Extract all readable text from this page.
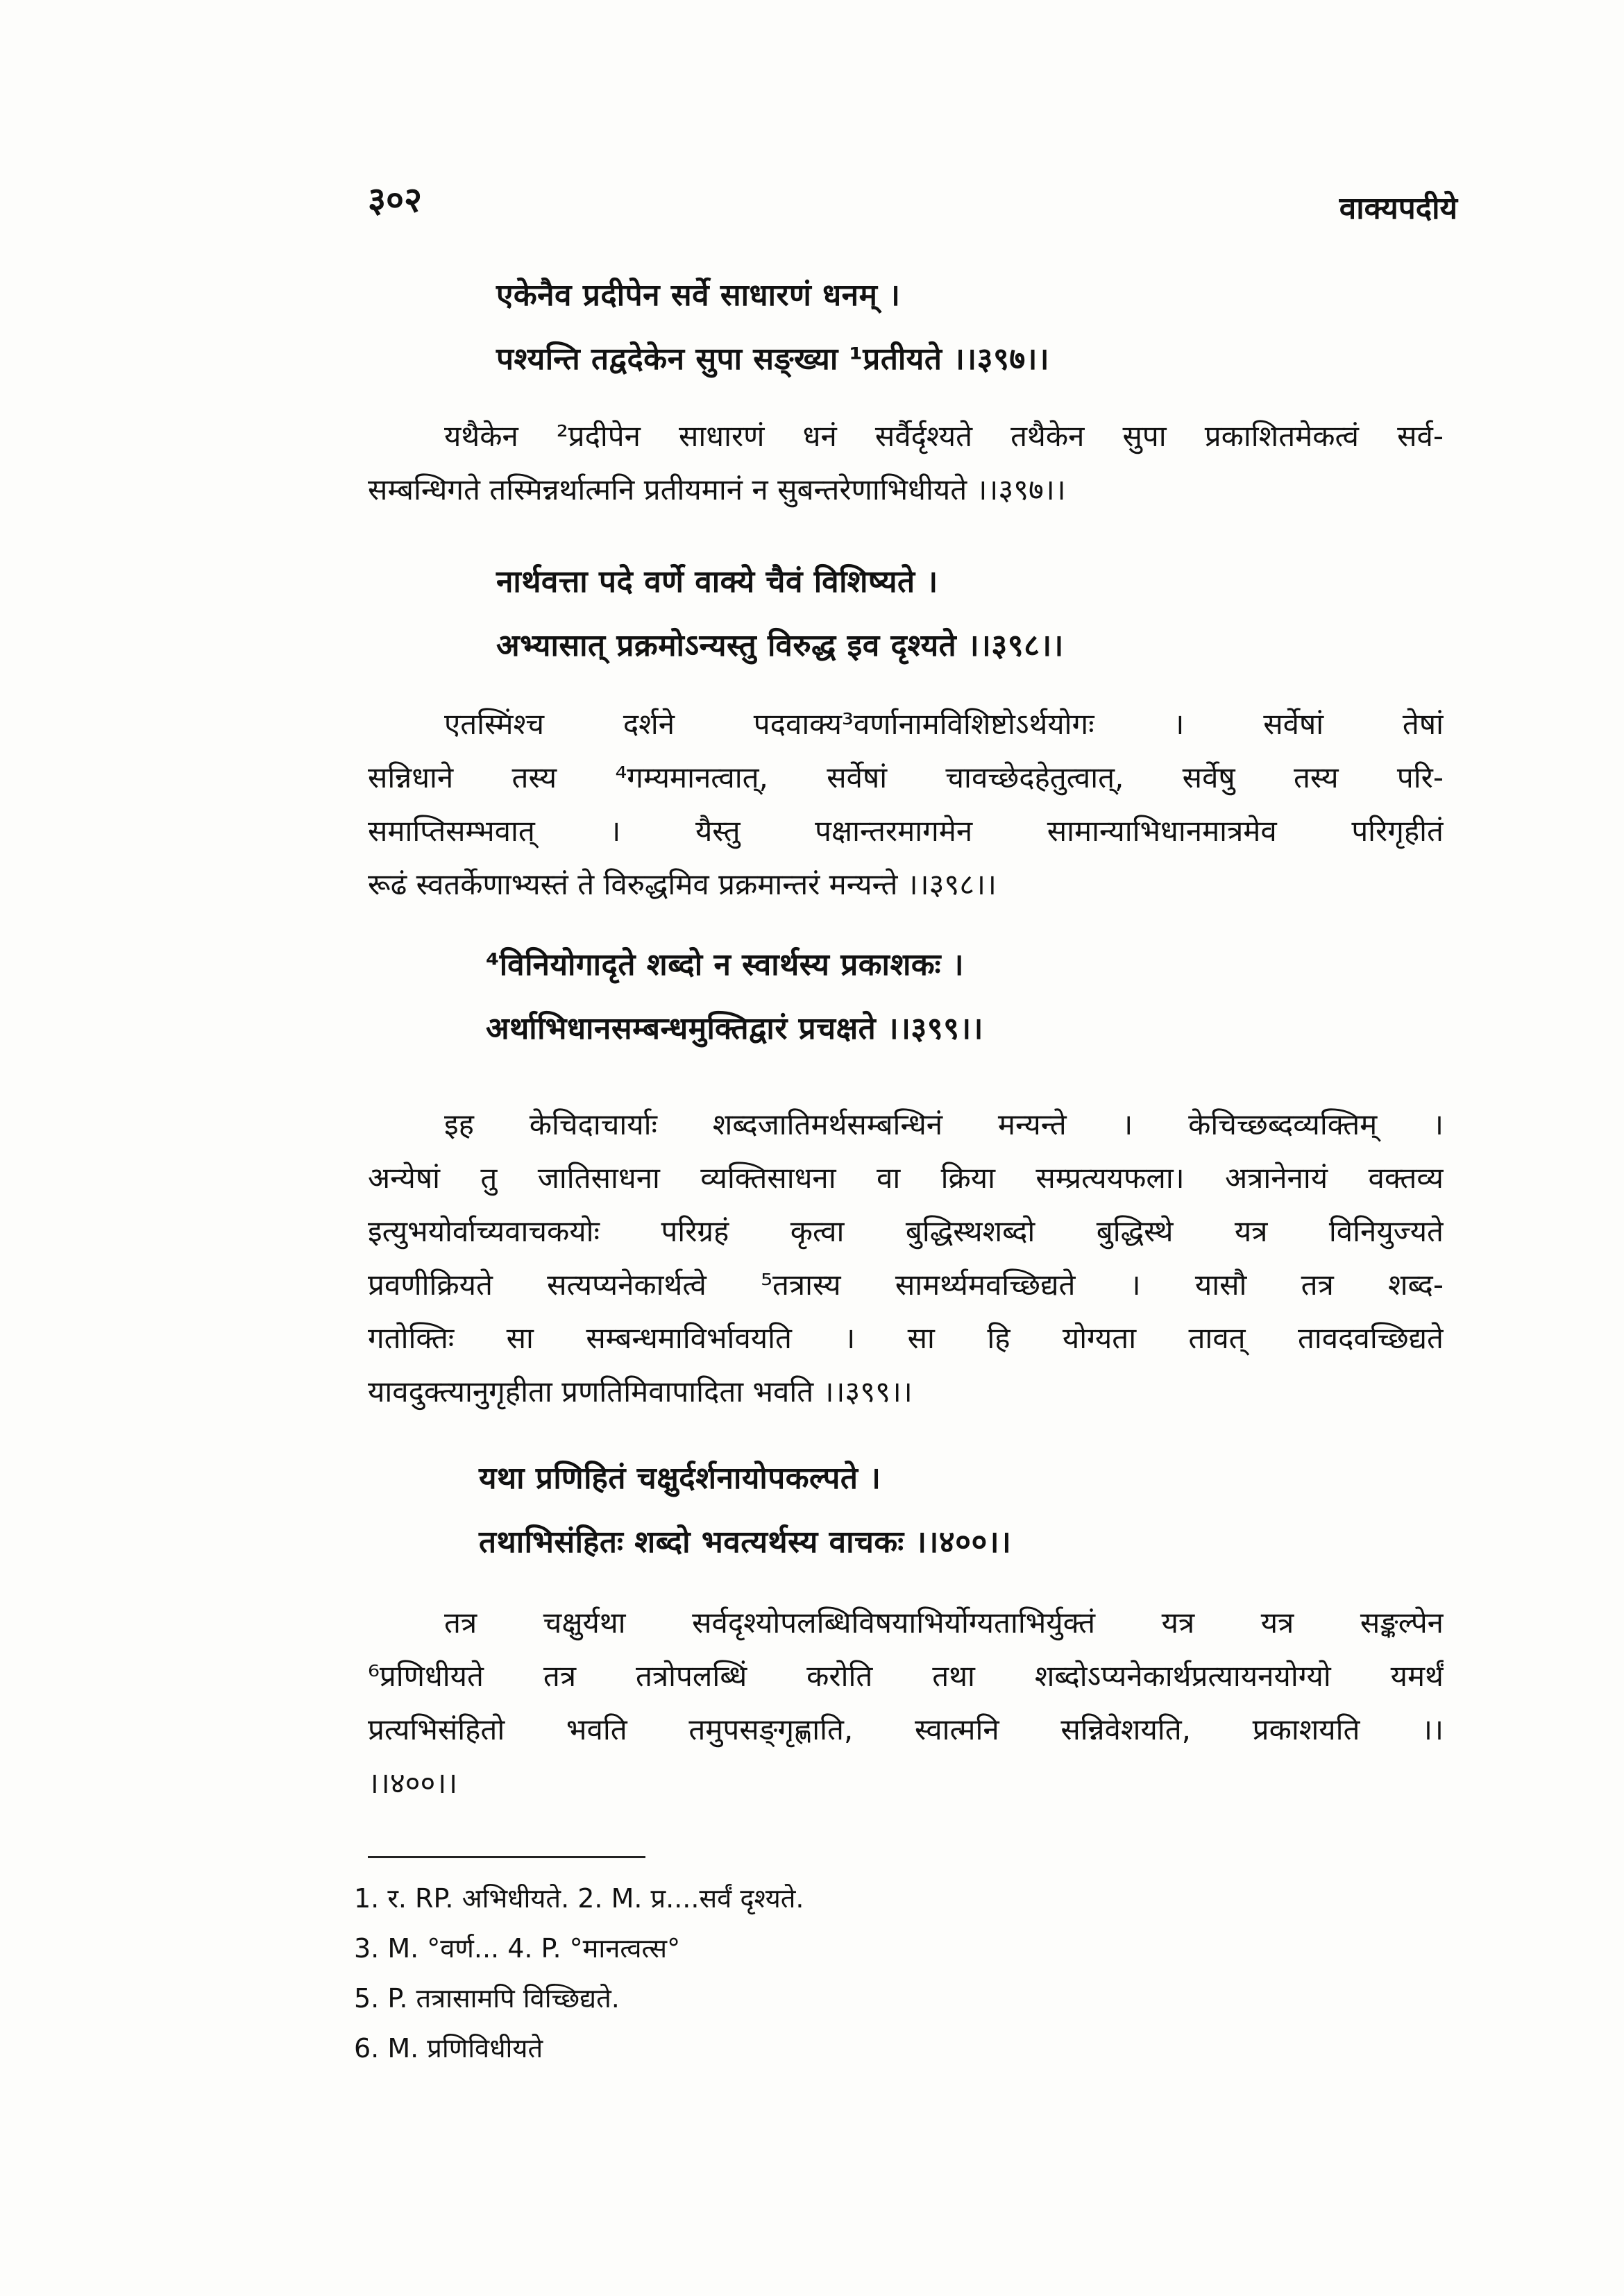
३०२	वाक्यपदीये
एकेनैव प्रदीपेन सर्वे साधारणं धनम् ।
पश्यन्ति तद्वदेकेन सुपा सङ्ख्या ¹प्रतीयते ।।३९७।।
यथैकेन ²प्रदीपेन साधारणं धनं सर्वैर्दृश्यते तथैकेन सुपा प्रकाशितमेकत्वं सर्व-
सम्बन्धिगते तस्मिन्नर्थात्मनि प्रतीयमानं न सुबन्तरेणाभिधीयते ।।३९७।।
नार्थवत्ता पदे वर्णे वाक्ये चैवं विशिष्यते ।
अभ्यासात् प्रक्रमोऽन्यस्तु विरुद्ध इव दृश्यते ।।३९८।।
एतस्मिंश्च दर्शने पदवाक्य³वर्णानामविशिष्टोऽर्थयोगः । सर्वेषां तेषां
सन्निधाने तस्य ⁴गम्यमानत्वात्, सर्वेषां चावच्छेदहेतुत्वात्, सर्वेषु तस्य परि-
समाप्तिसम्भवात् । यैस्तु पक्षान्तरमागमेन सामान्याभिधानमात्रमेव परिगृहीतं
रूढं स्वतर्केणाभ्यस्तं ते विरुद्धमिव प्रक्रमान्तरं मन्यन्ते ।।३९८।।
⁴विनियोगादृते शब्दो न स्वार्थस्य प्रकाशकः ।
अर्थाभिधानसम्बन्धमुक्तिद्वारं प्रचक्षते ।।३९९।।
इह केचिदाचार्याः शब्दजातिमर्थसम्बन्धिनं मन्यन्ते । केचिच्छब्दव्यक्तिम् ।
अन्येषां तु जातिसाधना व्यक्तिसाधना वा क्रिया सम्प्रत्ययफला। अत्रानेनायं वक्तव्य
इत्युभयोर्वाच्यवाचकयोः परिग्रहं कृत्वा बुद्धिस्थशब्दो बुद्धिस्थे यत्र विनियुज्यते
प्रवणीक्रियते सत्यप्यनेकार्थत्वे ⁵तत्रास्य सामर्थ्यमवच्छिद्यते । यासौ तत्र शब्द-
गतोक्तिः सा सम्बन्धमाविर्भावयति । सा हि योग्यता तावत् तावदवच्छिद्यते
यावदुक्त्यानुगृहीता प्रणतिमिवापादिता भवति ।।३९९।।
यथा प्रणिहितं चक्षुर्दर्शनायोपकल्पते ।
तथाभिसंहितः शब्दो भवत्यर्थस्य वाचकः ।।४००।।
तत्र चक्षुर्यथा सर्वदृश्योपलब्धिविषयाभिर्योग्यताभिर्युक्तं यत्र यत्र सङ्कल्पेन
⁶प्रणिधीयते तत्र तत्रोपलब्धिं करोति तथा शब्दोऽप्यनेकार्थप्रत्यायनयोग्यो यमर्थं
प्रत्यभिसंहितो भवति तमुपसङ्गृह्णाति, स्वात्मनि सन्निवेशयति, प्रकाशयति ।।
।।४००।।
1. र. RP. अभिधीयते. 2. M. प्र....सर्वं दृश्यते.
3. M. °वर्ण... 4. P. °मानत्वत्स°
5. P. तत्रासामपि विच्छिद्यते.
6. M. प्रणिविधीयते
